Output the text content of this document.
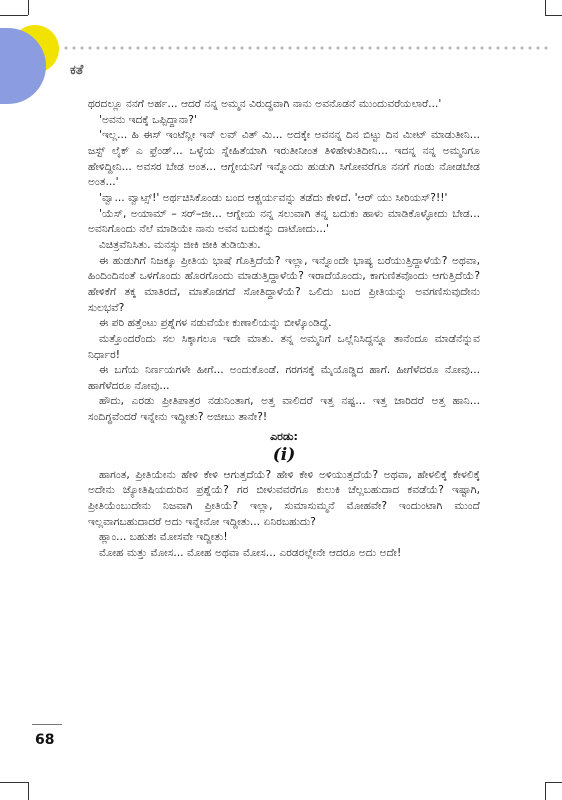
ಕತೆ

ಥರದಲ್ಲೂ ನನಗೆ ಅರ್ಹ... ಆದರೆ ನನ್ನ ಅಮ್ಮನ ವಿರುದ್ಧವಾಗಿ ನಾನು ಅವನೊಡನೆ ಮುಂದುವರೆಯಲಾರೆ...'

'ಅವನು ಇದಕ್ಕೆ ಒಪ್ಪಿದ್ದಾನಾ?'

'ಇಲ್ಲ... ಹಿ ಈಸ್ ಇಂಟೆನ್ಲೀ ಇನ್ ಲವ್ ವಿತ್ ಮಿ... ಅದಕ್ಕೇ ಅವನನ್ನ ದಿನ ಬಿಟ್ಟು ದಿನ ಮೀಟ್ ಮಾಡುತೀನಿ... ಜಸ್ಟ್ ಲೈಕ್ ಎ ಫ್ರೆಂಡ್... ಒಳ್ಳೆಯ ಸ್ನೇಹಿತೆಯಾಗಿ ಇರುತೀನೀಂತ ತಿಳಿಹೇಳುತಿದೀನಿ... ಇದನ್ನ ನನ್ನ ಅಮ್ಮನಿಗೂ ಹೇಳಿದ್ದೀನಿ... ಅವಸರ ಬೇಡ ಅಂತ... ಆಗ್ನೇಯನಿಗೆ ಇನ್ನೊಂದು ಹುಡುಗಿ ಸಿಗೋವರೆಗೂ ನನಗೆ ಗಂಡು ನೋಡಬೇಡ ಅಂತ...'

'ವ್ವಾ... ವ್ವಾಟ್ಸ್!' ಅರ್ಥಚಿಸಿಕೊಂಡು ಬಂದ ಆಶ್ಚರ್ಯವನ್ನು ತಡೆದು ಕೇಳಿದೆ. 'ಆರ್ ಯು ಸೀರಿಯಸ್?!!'

'ಯೆಸ್, ಅಯಾಮ್ – ಸರ್–ಜೀ... ಆಗ್ನೇಯ ನನ್ನ ಸಲುವಾಗಿ ತನ್ನ ಬದುಕು ಹಾಳು ಮಾಡಿಕೊಳ್ಳೋದು ಬೇಡ... ಅವನಿಗೊಂದು ನೆಲೆ ಮಾಡಿಯೇ ನಾನು ಅವನ ಬದುಕನ್ನು ದಾಟೋದು...'

ವಿಚಿತ್ರವೆನಿಸಿತು. ಮನಸ್ಸು ಜೀಕಿ ಜೀಕಿ ತುಡಿಯಿತು.

ಈ ಹುಡುಗಿಗೆ ನಿಜಕ್ಕೂ ಪ್ರೀತಿಯ ಭಾಷೆ ಗೊತ್ತಿದೆಯೆ? ಇಲ್ಲಾ, ಇನ್ನೊಂದೇ ಭಾಷ್ಯ ಬರೆಯುತ್ತಿದ್ದಾಳೆಯೆ? ಅಥವಾ, ಹಿಂದಿಂದಿನಂತೆ ಒಳಗೊಂದು ಹೊರಗೊಂದು ಮಾಡುತ್ತಿದ್ದಾಳೆಯೆ? ಇರಾದೆಯೊಂದು, ಕಾಗುಣಿತವೊಂದು ಆಗುತ್ತಿದೆಯೆ? ಹೇಳಿಕೆಗೆ ತಕ್ಕ ಮಾತಿರದೆ, ಮಾತೊಡಗದೆ ಸೋತಿದ್ದಾಳೆಯೆ? ಒಲಿದು ಬಂದ ಪ್ರೀತಿಯನ್ನು ಅವಗಣಿಸುವುದೇನು ಸುಲಭವೆ?

ಈ ಪರಿ ಹತ್ತೆಂಟು ಪ್ರಶ್ನೆಗಳ ನಡುವೆಯೇ ಕುಣಾಲಿಯನ್ನು ಬೀಳ್ಕೊಂಡಿದ್ದೆ.

ಮತ್ತೊಂದರೆಂದು ಸಲ ಸಿಕ್ಕಾಗಲೂ ಇದೇ ಮಾತು. ತನ್ನ ಅಮ್ಮನಿಗೆ ಒಲ್ಲೆನಿಸಿದ್ದನ್ನೂ ತಾನೆಂದೂ ಮಾಡೆನೆನ್ನುವ ನಿರ್ಧಾರ!

ಈ ಬಗೆಯ ನಿರ್ಣಯಗಳೇ ಹೀಗೆ... ಅಂದುಕೊಂಡೆ. ಗರಗಸಕ್ಕೆ ಮೈಯೊಡ್ಡಿದ ಹಾಗೆ. ಹೀಗೆಳೆದರೂ ನೋವು... ಹಾಗೆಳೆದರೂ ನೋವು...

ಹೌದು, ಎರಡು ಪ್ರೀತಿಪಾತ್ರರ ನಡುನಿಂತಾಗ, ಅತ್ತ ವಾಲಿದರೆ ಇತ್ತ ನಷ್ಟ... ಇತ್ತ ಜಾರಿದರೆ ಅತ್ತ ಹಾನಿ... ಸಂದಿಗ್ಧವೆಂದರೆ ಇನ್ನೇನು ಇದ್ದೀತು? ಅಜೀಬು ತಾನೇ?!

ಎರಡು:
(i)

ಹಾಗಂತ, ಪ್ರೀತಿಯೇನು ಹೇಳಿ ಕೇಳಿ ಆಗುತ್ತದೆಯೆ? ಹೇಳಿ ಕೇಳಿ ಅಳಿಯುತ್ತದೆಯೆ? ಅಥವಾ, ಹೇಳಲಿಕ್ಕೆ ಕೇಳಲಿಕ್ಕೆ ಅದೇನು ಜ್ಯೋತಿಷಿಯದುರಿನ ಪ್ರಶ್ನೆಯೆ? ಗರ ಬೀಳುವವರೆಗೂ ಕುಲುಕಿ ಚೆಲ್ಲಬಹುದಾದ ಕವಡೆಯೆ? ಇಷ್ಟಾಗಿ, ಪ್ರೀತಿಯೆಂಬುದೇನು ನಿಜವಾಗಿ ಪ್ರೀತಿಯೆ? ಇಲ್ಲಾ, ಸುಮಾಸುಮ್ಮನೆ ಮೋಹವೇ? ಇಂದುಂಟಾಗಿ ಮುಂದೆ ಇಲ್ಲವಾಗಬಹುದಾದರೆ ಅದು ಇನ್ನೇನೋ ಇದ್ದೀತು... ಏನಿರಬಹುದು?

ಹ್ಲಾಂ... ಬಹುಶಃ ಮೋಸವೇ ಇದ್ದೀತು!

ಮೋಹ ಮತ್ತು ಮೋಸ... ಮೋಹ ಅಥವಾ ಮೋಸ... ಎರಡರಲ್ಲೇನೇ ಆದರೂ ಅದು ಅದೇ!

68
